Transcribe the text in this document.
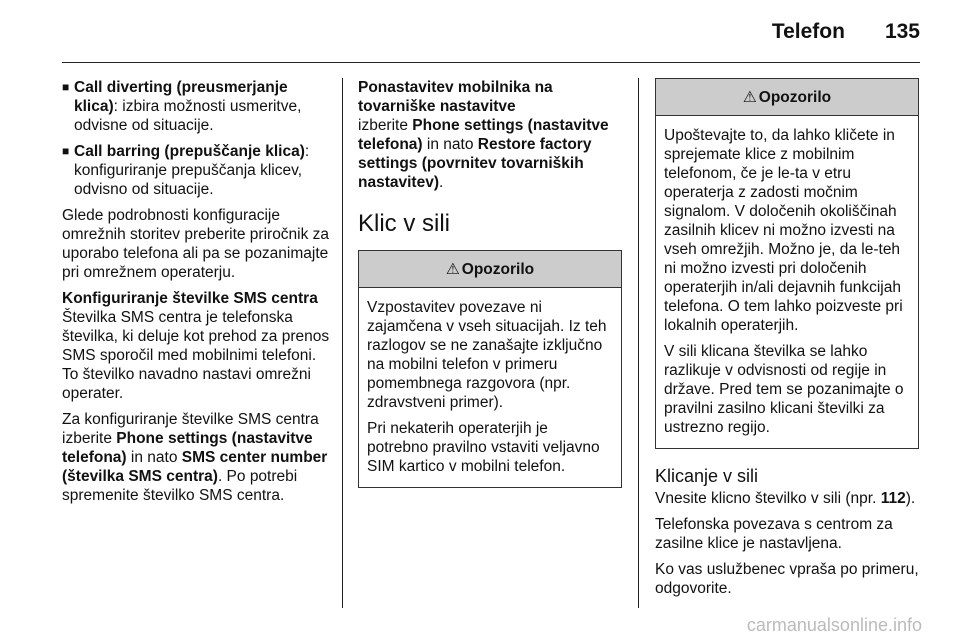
Telefon 135
■ Call diverting (preusmerjanje klica): izbira možnosti usmeritve, odvisne od situacije.
■ Call barring (prepuščanje klica): konfiguriranje prepuščanja klicev, odvisno od situacije.

Glede podrobnosti konfiguracije omrežnih storitev preberite priročnik za uporabo telefona ali pa se pozanimajte pri omrežnem operaterju.

Konfiguriranje številke SMS centra

Številka SMS centra je telefonska številka, ki deluje kot prehod za prenos SMS sporočil med mobilnimi telefoni. To številko navadno nastavi omrežni operater.

Za konfiguriranje številke SMS centra izberite Phone settings (nastavitve telefona) in nato SMS center number (številka SMS centra). Po potrebi spremenite številko SMS centra.

Ponastavitev mobilnika na tovarniške nastavitve

izberite Phone settings (nastavitve telefona) in nato Restore factory settings (povrnitev tovarniških nastavitev).

Klic v sili
⚠ Opozorilo

Vzpostavitev povezave ni zajamčena v vseh situacijah. Iz teh razlogov se ne zanašajte izključno na mobilni telefon v primeru pomembnega razgovora (npr. zdravstveni primer).

Pri nekaterih operaterjih je potrebno pravilno vstaviti veljavno SIM kartico v mobilni telefon.

⚠ Opozorilo

Upoštevajte to, da lahko kličete in sprejemate klice z mobilnim telefonom, če je le-ta v etru operaterja z zadosti močnim signalom. V določenih okoliščinah zasilnih klicev ni možno izvesti na vseh omrežjih. Možno je, da le-teh ni možno izvesti pri določenih operaterjih in/ali dejavnih funkcijah telefona. O tem lahko poizveste pri lokalnih operaterjih.

V sili klicana številka se lahko razlikuje v odvisnosti od regije in države. Pred tem se pozanimajte o pravilni zasilno klicani številki za ustrezno regijo.

Klicanje v sili

Vnesite klicno številko v sili (npr. 112).

Telefonska povezava s centrom za zasilne klice je nastavljena.

Ko vas uslužbenec vpraša po primeru, odgovorite.

carmanualsonline.info
